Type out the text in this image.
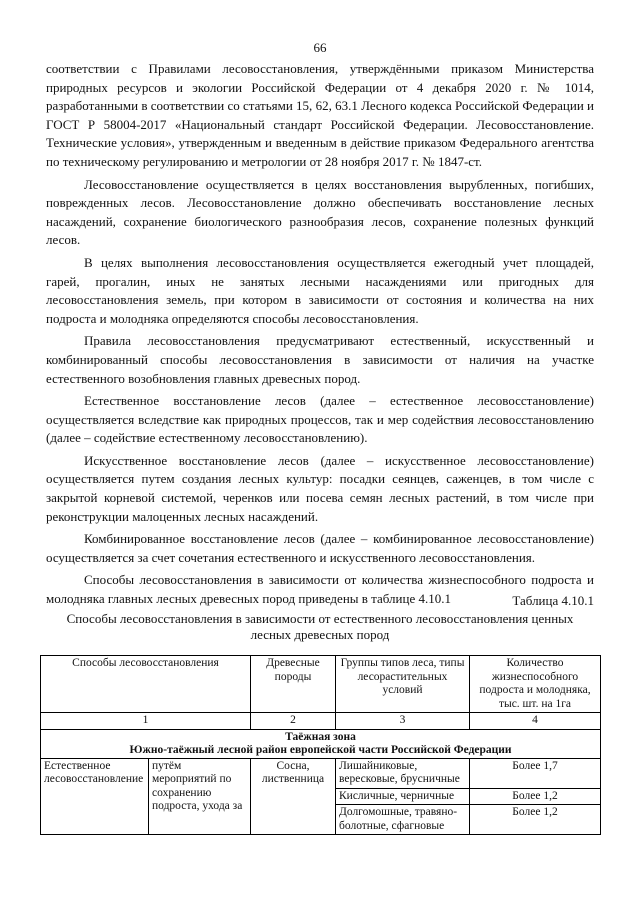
66

соответствии с Правилами лесовосстановления, утверждёнными приказом Министерства природных ресурсов и экологии Российской Федерации от 4 декабря 2020 г. № 1014, разработанными в соответствии со статьями 15, 62, 63.1 Лесного кодекса Российской Федерации и ГОСТ Р 58004-2017 «Национальный стандарт Российской Федерации. Лесовосстановление. Технические условия», утвержденным и введенным в действие приказом Федерального агентства по техническому регулированию и метрологии от 28 ноября 2017 г. № 1847-ст.

Лесовосстановление осуществляется в целях восстановления вырубленных, погибших, поврежденных лесов. Лесовосстановление должно обеспечивать восстановление лесных насаждений, сохранение биологического разнообразия лесов, сохранение полезных функций лесов.

В целях выполнения лесовосстановления осуществляется ежегодный учет площадей, гарей, прогалин, иных не занятых лесными насаждениями или пригодных для лесовосстановления земель, при котором в зависимости от состояния и количества на них подроста и молодняка определяются способы лесовосстановления.

Правила лесовосстановления предусматривают естественный, искусственный и комбинированный способы лесовосстановления в зависимости от наличия на участке естественного возобновления главных древесных пород.

Естественное восстановление лесов (далее – естественное лесовосстановление) осуществляется вследствие как природных процессов, так и мер содействия лесовосстановлению (далее – содействие естественному лесовосстановлению).

Искусственное восстановление лесов (далее – искусственное лесовосстановление) осуществляется путем создания лесных культур: посадки сеянцев, саженцев, в том числе с закрытой корневой системой, черенков или посева семян лесных растений, в том числе при реконструкции малоценных лесных насаждений.

Комбинированное восстановление лесов (далее – комбинированное лесовосстановление) осуществляется за счет сочетания естественного и искусственного лесовосстановления.

Способы лесовосстановления в зависимости от количества жизнеспособного подроста и молодняка главных лесных древесных пород приведены в таблице 4.10.1	Таблица 4.10.1
Способы лесовосстановления в зависимости от естественного лесовосстановления ценных лесных древесных пород
Способы лесовосстановления		Древесные породы	Группы типов леса, типы лесорастительных условий	Количество жизнеспособного подроста и молодняка, тыс. шт. на 1га
1		2	3	4

Таёжная зона
Южно-таёжный лесной район европейской части Российской Федерации				

Естественное лесовосстановление	путём мероприятий по сохранению подроста, ухода за	Сосна, лиственница	Лишайниковые, вересковые, брусничные	Более 1,7
			Кисличные, черничные	Более 1,2
			Долгомошные, травяно-болотные, сфагновые	Более 1,2
